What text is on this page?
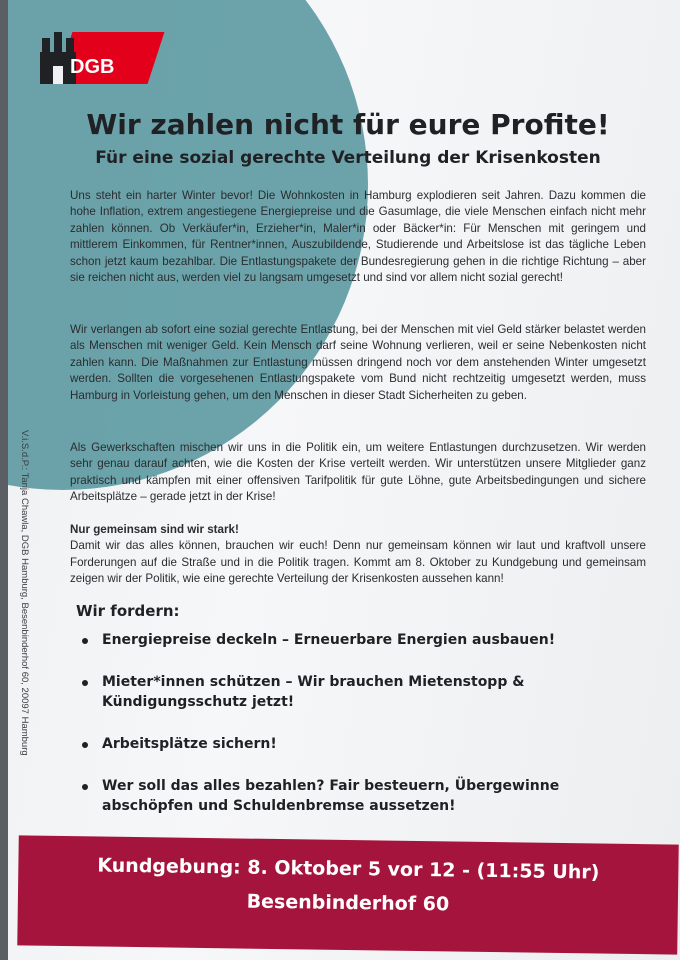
DGB
Wir zahlen nicht für eure Profite!
Für eine sozial gerechte Verteilung der Krisenkosten

Uns steht ein harter Winter bevor! Die Wohnkosten in Hamburg explodieren seit Jahren. Dazu kommen die hohe Inflation, extrem angestiegene Energiepreise und die Gasumlage, die viele Menschen einfach nicht mehr zahlen können. Ob Verkäufer*in, Erzieher*in, Maler*in oder Bäcker*in: Für Menschen mit geringem und mittlerem Einkommen, für Rentner*innen, Auszubildende, Studierende und Arbeitslose ist das tägliche Leben schon jetzt kaum bezahlbar. Die Entlastungspakete der Bundesregierung gehen in die richtige Richtung – aber sie reichen nicht aus, werden viel zu langsam umgesetzt und sind vor allem nicht sozial gerecht!

Wir verlangen ab sofort eine sozial gerechte Entlastung, bei der Menschen mit viel Geld stärker belastet werden als Menschen mit weniger Geld. Kein Mensch darf seine Wohnung verlieren, weil er seine Nebenkosten nicht zahlen kann. Die Maßnahmen zur Entlastung müssen dringend noch vor dem anstehenden Winter umgesetzt werden. Sollten die vorgesehenen Entlastungspakete vom Bund nicht rechtzeitig umgesetzt werden, muss Hamburg in Vorleistung gehen, um den Menschen in dieser Stadt Sicherheiten zu geben.

Als Gewerkschaften mischen wir uns in die Politik ein, um weitere Entlastungen durchzusetzen. Wir werden sehr genau darauf achten, wie die Kosten der Krise verteilt werden. Wir unterstützen unsere Mitglieder ganz praktisch und kämpfen mit einer offensiven Tarifpolitik für gute Löhne, gute Arbeitsbedingungen und sichere Arbeitsplätze – gerade jetzt in der Krise!

Nur gemeinsam sind wir stark!
Damit wir das alles können, brauchen wir euch! Denn nur gemeinsam können wir laut und kraftvoll unsere Forderungen auf die Straße und in die Politik tragen. Kommt am 8. Oktober zu Kundgebung und gemeinsam zeigen wir der Politik, wie eine gerechte Verteilung der Krisenkosten aussehen kann!

V.i.S.d.P.: Tanja Chawla, DGB Hamburg, Besenbinderhof 60, 20097 Hamburg	Wir fordern:
Energiepreise deckeln – Erneuerbare Energien ausbauen!
Mieter*innen schützen – Wir brauchen Mietenstopp & Kündigungsschutz jetzt!
Arbeitsplätze sichern!
Wer soll das alles bezahlen? Fair besteuern, Übergewinne abschöpfen und Schuldenbremse aussetzen!
Kundgebung: 8. Oktober 5 vor 12 - (11:55 Uhr)
Besenbinderhof 60
